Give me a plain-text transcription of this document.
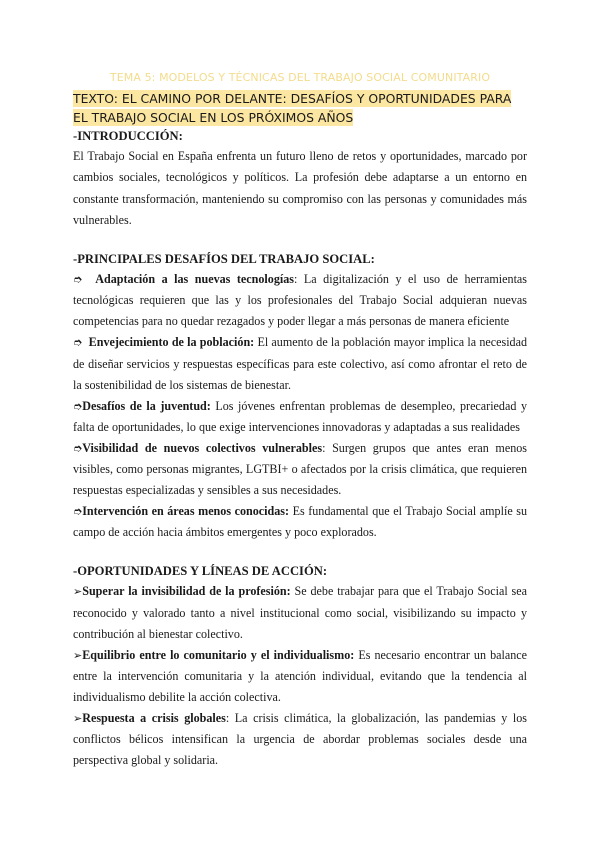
TEMA 5: MODELOS Y TÉCNICAS DEL TRABAJO SOCIAL COMUNITARIO
TEXTO: EL CAMINO POR DELANTE: DESAFÍOS Y OPORTUNIDADES PARA EL TRABAJO SOCIAL EN LOS PRÓXIMOS AÑOS
-INTRODUCCIÓN:

El Trabajo Social en España enfrenta un futuro lleno de retos y oportunidades, marcado por cambios sociales, tecnológicos y políticos. La profesión debe adaptarse a un entorno en constante transformación, manteniendo su compromiso con las personas y comunidades más vulnerables.

-PRINCIPALES DESAFÍOS DEL TRABAJO SOCIAL:

➮ Adaptación a las nuevas tecnologías: La digitalización y el uso de herramientas tecnológicas requieren que las y los profesionales del Trabajo Social adquieran nuevas competencias para no quedar rezagados y poder llegar a más personas de manera eficiente

➮ Envejecimiento de la población: El aumento de la población mayor implica la necesidad de diseñar servicios y respuestas específicas para este colectivo, así como afrontar el reto de la sostenibilidad de los sistemas de bienestar.

➮Desafíos de la juventud: Los jóvenes enfrentan problemas de desempleo, precariedad y falta de oportunidades, lo que exige intervenciones innovadoras y adaptadas a sus realidades

➮Visibilidad de nuevos colectivos vulnerables: Surgen grupos que antes eran menos visibles, como personas migrantes, LGTBI+ o afectados por la crisis climática, que requieren respuestas especializadas y sensibles a sus necesidades.

➮Intervención en áreas menos conocidas: Es fundamental que el Trabajo Social amplíe su campo de acción hacia ámbitos emergentes y poco explorados.

-OPORTUNIDADES Y LÍNEAS DE ACCIÓN:

➢Superar la invisibilidad de la profesión: Se debe trabajar para que el Trabajo Social sea reconocido y valorado tanto a nivel institucional como social, visibilizando su impacto y contribución al bienestar colectivo.

➢Equilibrio entre lo comunitario y el individualismo: Es necesario encontrar un balance entre la intervención comunitaria y la atención individual, evitando que la tendencia al individualismo debilite la acción colectiva.

➢Respuesta a crisis globales: La crisis climática, la globalización, las pandemias y los conflictos bélicos intensifican la urgencia de abordar problemas sociales desde una perspectiva global y solidaria.
